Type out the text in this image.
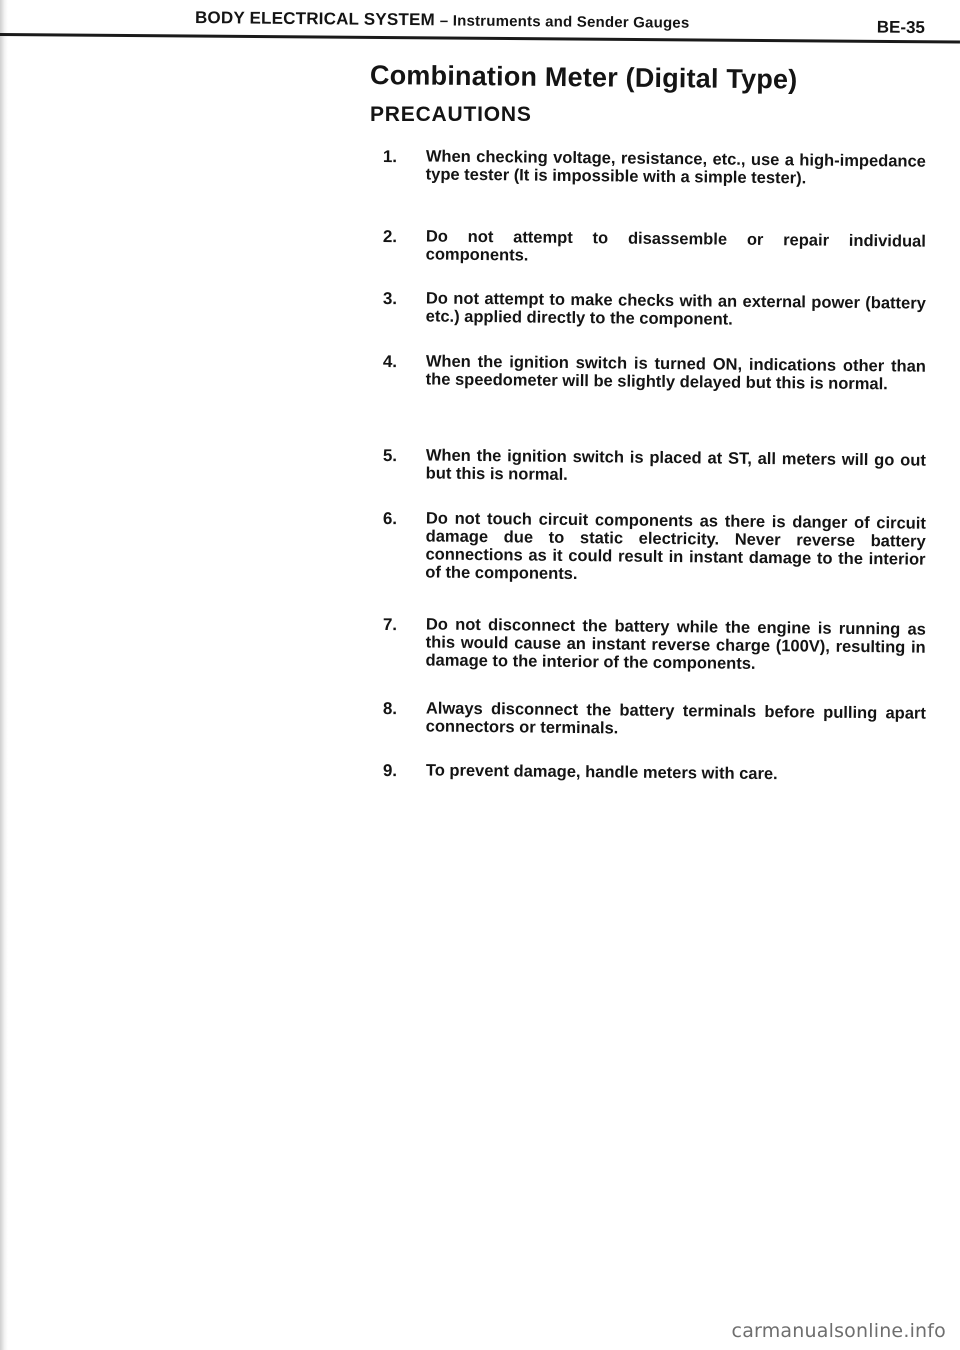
BODY ELECTRICAL SYSTEM – Instruments and Sender Gauges	BE-35
Combination Meter (Digital Type)
PRECAUTIONS
1. When checking voltage, resistance, etc., use a high-impedance type tester (It is impossible with a simple tester).
2. Do not attempt to disassemble or repair individual components.
3. Do not attempt to make checks with an external power (battery etc.) applied directly to the component.
4. When the ignition switch is turned ON, indications other than the speedometer will be slightly delayed but this is normal.
5. When the ignition switch is placed at ST, all meters will go out but this is normal.
6. Do not touch circuit components as there is danger of circuit damage due to static electricity. Never reverse battery connections as it could result in instant damage to the interior of the components.
7. Do not disconnect the battery while the engine is running as this would cause an instant reverse charge (100V), resulting in damage to the interior of the components.
8. Always disconnect the battery terminals before pulling apart connectors or terminals.
9. To prevent damage, handle meters with care.
carmanualsonline.info
